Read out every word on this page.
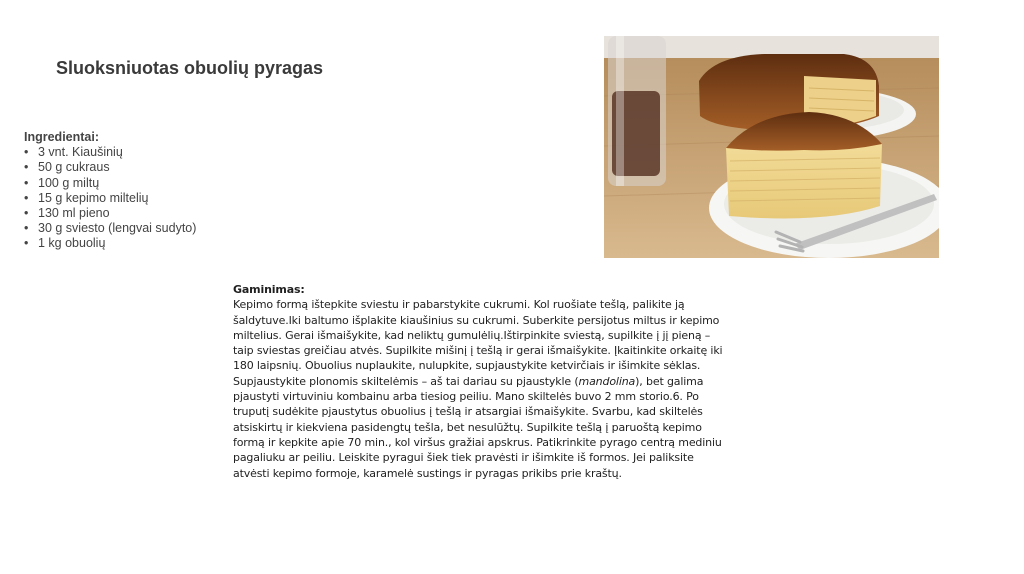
Sluoksniuotas obuolių pyragas
Ingredientai:
• 3 vnt. Kiaušinių
• 50 g cukraus
• 100 g miltų
• 15 g kepimo miltelių
• 130 ml pieno
• 30 g sviesto (lengvai sudyto)
• 1 kg obuolių
Gaminimas:

Kepimo formą ištepkite sviestu ir pabarstykite cukrumi. Kol ruošiate tešlą, palikite ją šaldytuve.Iki baltumo išplakite kiaušinius su cukrumi. Suberkite persijotus miltus ir kepimo miltelius. Gerai išmaišykite, kad neliktų gumulėlių.Ištirpinkite sviestą, supilkite į jį pieną – taip sviestas greičiau atvės. Supilkite mišinį į tešlą ir gerai išmaišykite. Įkaitinkite orkaitę iki 180 laipsnių. Obuolius nuplaukite, nulupkite, supjaustykite ketvirčiais ir išimkite sėklas. Supjaustykite plonomis skiltelėmis – aš tai dariau su pjaustykle (mandolina), bet galima pjaustyti virtuviniu kombainu arba tiesiog peiliu. Mano skiltelės buvo 2 mm storio.6. Po truputį sudėkite pjaustytus obuolius į tešlą ir atsargiai išmaišykite. Svarbu, kad skiltelės atsiskirtų ir kiekviena pasidengtų tešla, bet nesulūžtų. Supilkite tešlą į paruoštą kepimo formą ir kepkite apie 70 min., kol viršus gražiai apskrus. Patikrinkite pyrago centrą mediniu pagaliuku ar peiliu. Leiskite pyragui šiek tiek pravėsti ir išimkite iš formos. Jei paliksite atvėsti kepimo formoje, karamelė sustings ir pyragas prikibs prie kraštų.
